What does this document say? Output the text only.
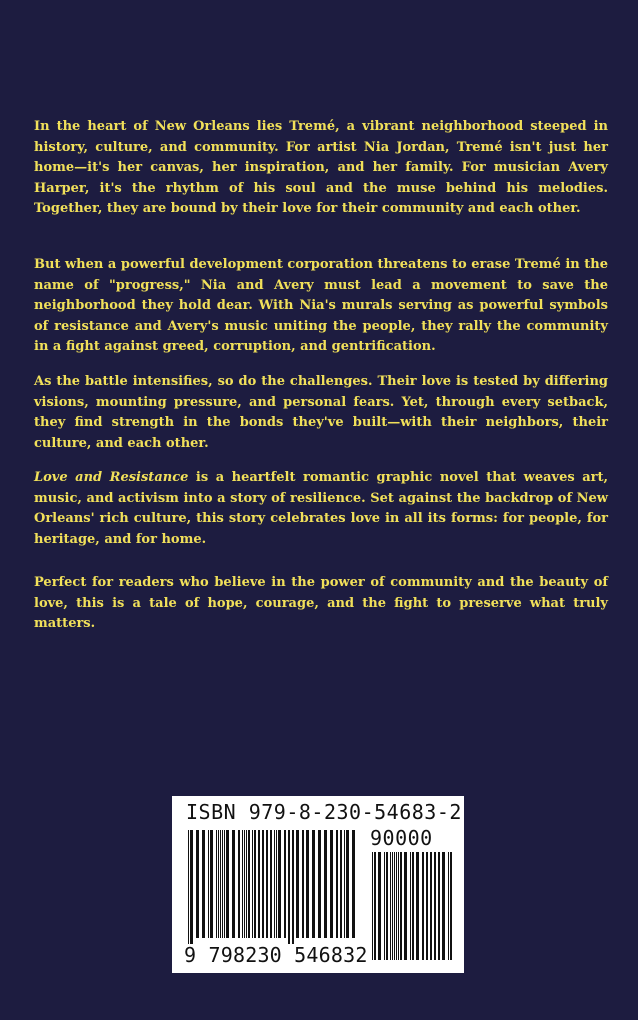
In the heart of New Orleans lies Tremé, a vibrant neighborhood steeped in history, culture, and community. For artist Nia Jordan, Tremé isn't just her home—it's her canvas, her inspiration, and her family. For musician Avery Harper, it's the rhythm of his soul and the muse behind his melodies. Together, they are bound by their love for their community and each other.

But when a powerful development corporation threatens to erase Tremé in the name of "progress," Nia and Avery must lead a movement to save the neighborhood they hold dear. With Nia's murals serving as powerful symbols of resistance and Avery's music uniting the people, they rally the community in a fight against greed, corruption, and gentrification.

As the battle intensifies, so do the challenges. Their love is tested by differing visions, mounting pressure, and personal fears. Yet, through every setback, they find strength in the bonds they've built—with their neighbors, their culture, and each other.

Love and Resistance is a heartfelt romantic graphic novel that weaves art, music, and activism into a story of resilience. Set against the backdrop of New Orleans' rich culture, this story celebrates love in all its forms: for people, for heritage, and for home.

Perfect for readers who believe in the power of community and the beauty of love, this is a tale of hope, courage, and the fight to preserve what truly matters.

ISBN 979-8-230-54683-2
90000
9 798230 546832
